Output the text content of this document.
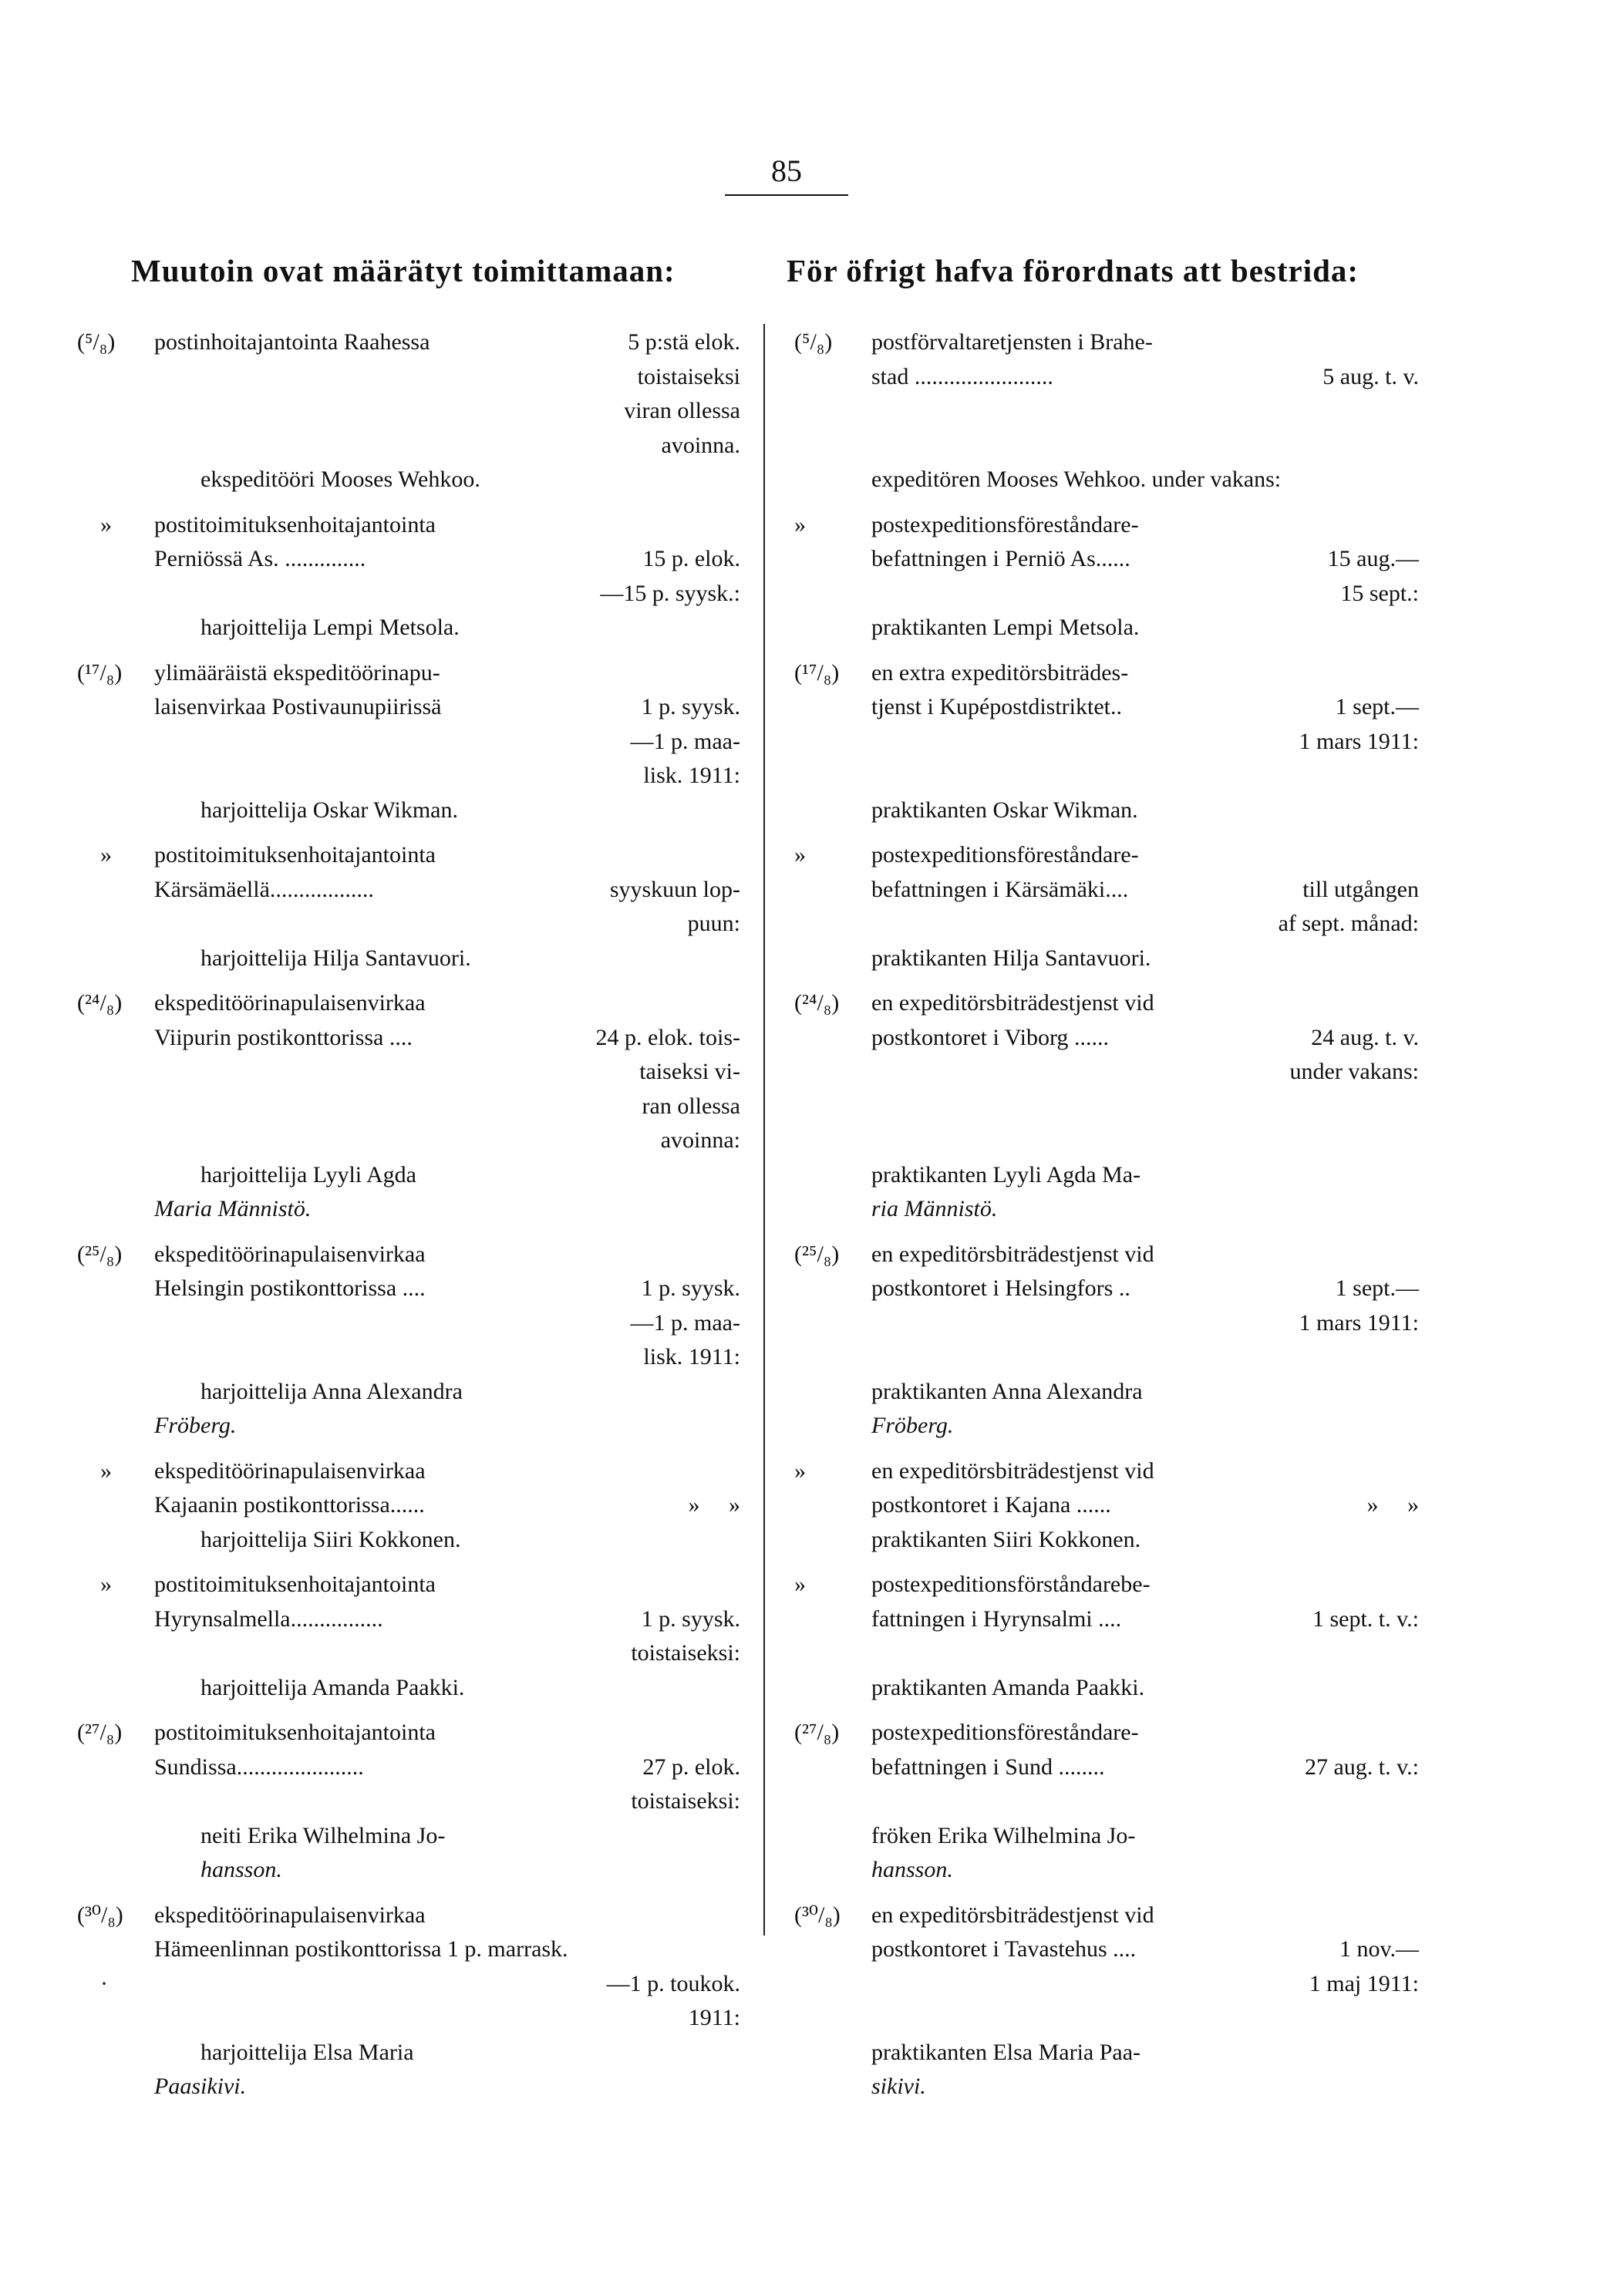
85
Muutoin ovat määrätyt toimittamaan:	För öfrigt hafva förordnats att bestrida:
(⁵/₈) postinhoitajantointa Raahessa	5 p:stä elok.
toistaiseksi
viran ollessa
avoinna.
ekspeditööri Mooses Wehkoo.
» postitoimituksenhoitajantointa
Perniössä As. ..............	15 p. elok.
—15 p. syysk.:
harjoittelija Lempi Metsola.
(¹⁷/₈) ylimääräistä ekspeditöörinapu-
laisenvirkaa Postivaunupiirissä	1 p. syysk.
—1 p. maa-
lisk. 1911:
harjoittelija Oskar Wikman.
» postitoimituksenhoitajantointa
Kärsämäellä..................	syyskuun lop-
puun:
harjoittelija Hilja Santavuori.
(²⁴/₈) ekspeditöörinapulaisenvirkaa
Viipurin postikonttorissa ....	24 p. elok. tois-
taiseksi vi-
ran ollessa
avoinna:
harjoittelija Lyyli Agda
Maria Männistö.
(²⁵/₈) ekspeditöörinapulaisenvirkaa
Helsingin postikonttorissa ....	1 p. syysk.
—1 p. maa-
lisk. 1911:
harjoittelija Anna Alexandra
Fröberg.
» ekspeditöörinapulaisenvirkaa
Kajaanin postikonttorissa......	»     »
harjoittelija Siiri Kokkonen.
» postitoimituksenhoitajantointa
Hyrynsalmella................	1 p. syysk.
toistaiseksi:
harjoittelija Amanda Paakki.
(²⁷/₈) postitoimituksenhoitajantointa
Sundissa......................	27 p. elok.
toistaiseksi:
neiti Erika Wilhelmina Jo-
hansson.
(³⁰/₈) ekspeditöörinapulaisenvirkaa
Hämeenlinnan postikonttorissa 1 p. marrask.
·	—1 p. toukok.
1911:
harjoittelija Elsa Maria
Paasikivi.
(⁵/₈) postförvaltaretjensten i Brahe-
stad ........................	5 aug. t. v.
expeditören Mooses Wehkoo. under vakans:
»	postexpeditionsföreståndare-
befattningen i Perniö As......	15 aug.—
15 sept.:
praktikanten Lempi Metsola.
(¹⁷/₈) en extra expeditörsbiträdes-
tjenst i Kupépostdistriktet..	1 sept.—
1 mars 1911:
praktikanten Oskar Wikman.
»	postexpeditionsföreståndare-
befattningen i Kärsämäki....	till utgången
af sept. månad:
praktikanten Hilja Santavuori.
(²⁴/₈) en expeditörsbiträdestjenst vid
postkontoret i Viborg ......	24 aug. t. v.
under vakans:
praktikanten Lyyli Agda Ma-
ria Männistö.
(²⁵/₈) en expeditörsbiträdestjenst vid
postkontoret i Helsingfors ..	1 sept.—
1 mars 1911:
praktikanten Anna Alexandra
Fröberg.
»	en expeditörsbiträdestjenst vid
postkontoret i Kajana ......	»     »
praktikanten Siiri Kokkonen.
»	postexpeditionsförståndarebe-
fattningen i Hyrynsalmi ....	1 sept. t. v.:
praktikanten Amanda Paakki.
(²⁷/₈) postexpeditionsföreståndare-
befattningen i Sund ........	27 aug. t. v.:
fröken Erika Wilhelmina Jo-
hansson.
(³⁰/₈) en expeditörsbiträdestjenst vid
postkontoret i Tavastehus ....	1 nov.—
1 maj 1911:
praktikanten Elsa Maria Paa-
sikivi.
